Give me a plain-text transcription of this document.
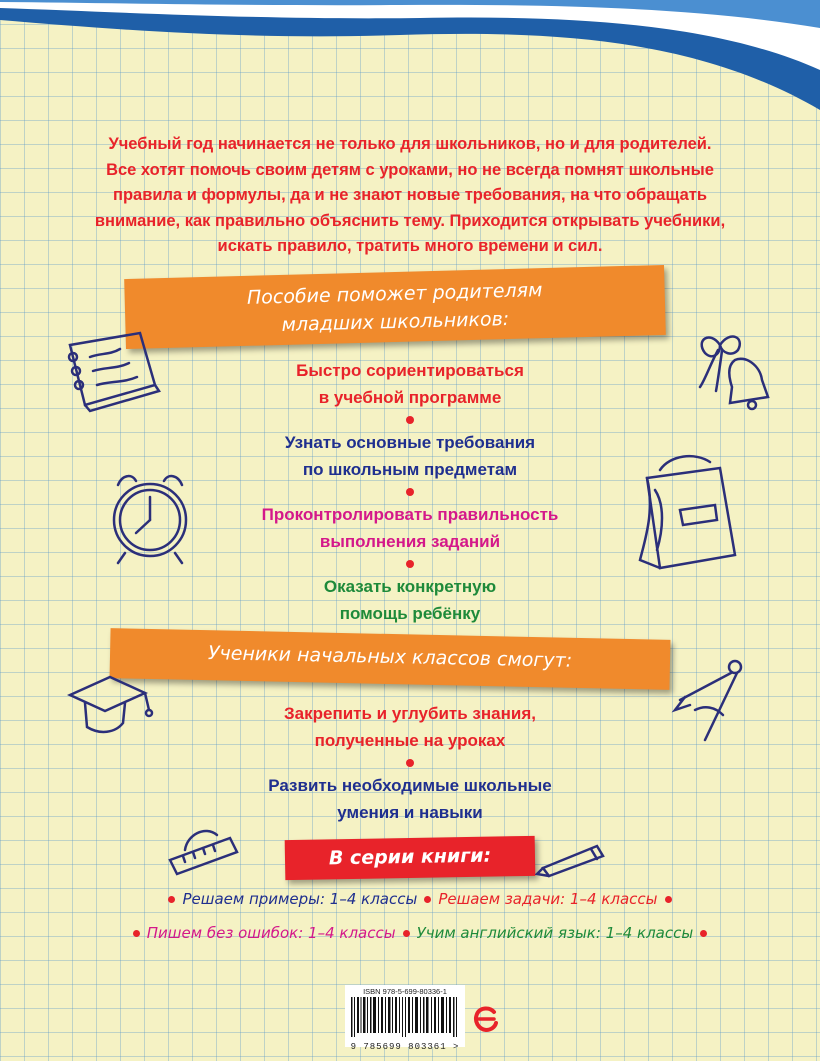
Учебный год начинается не только для школьников, но и для родителей.

Все хотят помочь своим детям с уроками, но не всегда помнят школьные

правила и формулы, да и не знают новые требования, на что обращать

внимание, как правильно объяснить тему. Приходится открывать учебники,

искать правило, тратить много времени и сил.

Пособие поможет родителям
младших школьников:
Быстро сориентироваться
в учебной программе
Узнать основные требования
по школьным предметам
Проконтролировать правильность
выполнения заданий
Оказать конкретную
помощь ребёнку
Ученики начальных классов смогут:
Закрепить и углубить знания,
полученные на уроках
Развить необходимые школьные
умения и навыки
В серии книги:
Решаем примеры: 1–4 классы Решаем задачи: 1–4 классы
Пишем без ошибок: 1–4 классы Учим английский язык: 1–4 классы
ISBN 978-5-699-80336-1
9 785699 803361 >
